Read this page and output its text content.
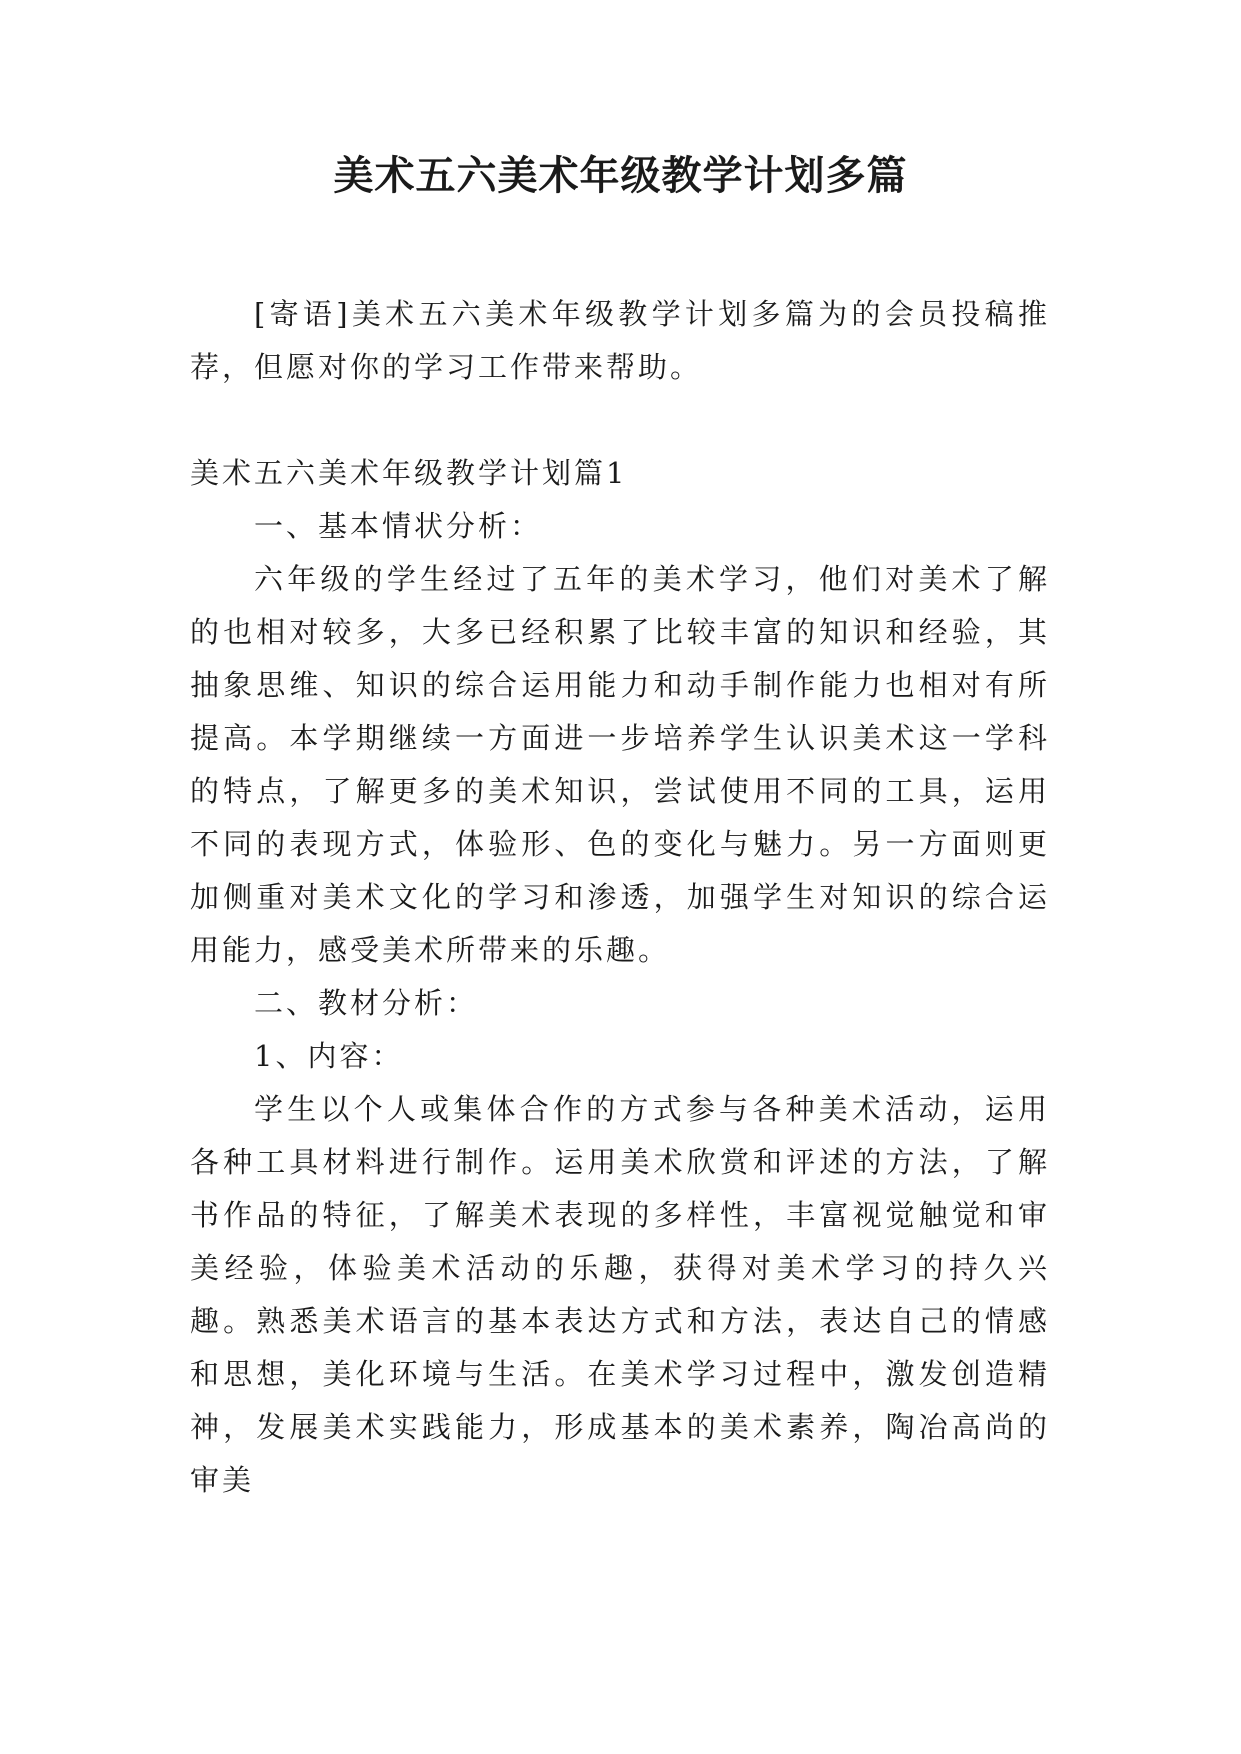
美术五六美术年级教学计划多篇

[寄语]美术五六美术年级教学计划多篇为的会员投稿推荐，但愿对你的学习工作带来帮助。

美术五六美术年级教学计划篇1

一、基本情状分析：

六年级的学生经过了五年的美术学习，他们对美术了解的也相对较多，大多已经积累了比较丰富的知识和经验，其抽象思维、知识的综合运用能力和动手制作能力也相对有所提高。本学期继续一方面进一步培养学生认识美术这一学科的特点，了解更多的美术知识，尝试使用不同的工具，运用不同的表现方式，体验形、色的变化与魅力。另一方面则更加侧重对美术文化的学习和渗透，加强学生对知识的综合运用能力，感受美术所带来的乐趣。

二、教材分析：

1、内容：

学生以个人或集体合作的方式参与各种美术活动，运用各种工具材料进行制作。运用美术欣赏和评述的方法，了解书作品的特征，了解美术表现的多样性，丰富视觉触觉和审美经验，体验美术活动的乐趣，获得对美术学习的持久兴趣。熟悉美术语言的基本表达方式和方法，表达自己的情感和思想，美化环境与生活。在美术学习过程中，激发创造精神，发展美术实践能力，形成基本的美术素养，陶冶高尚的审美
